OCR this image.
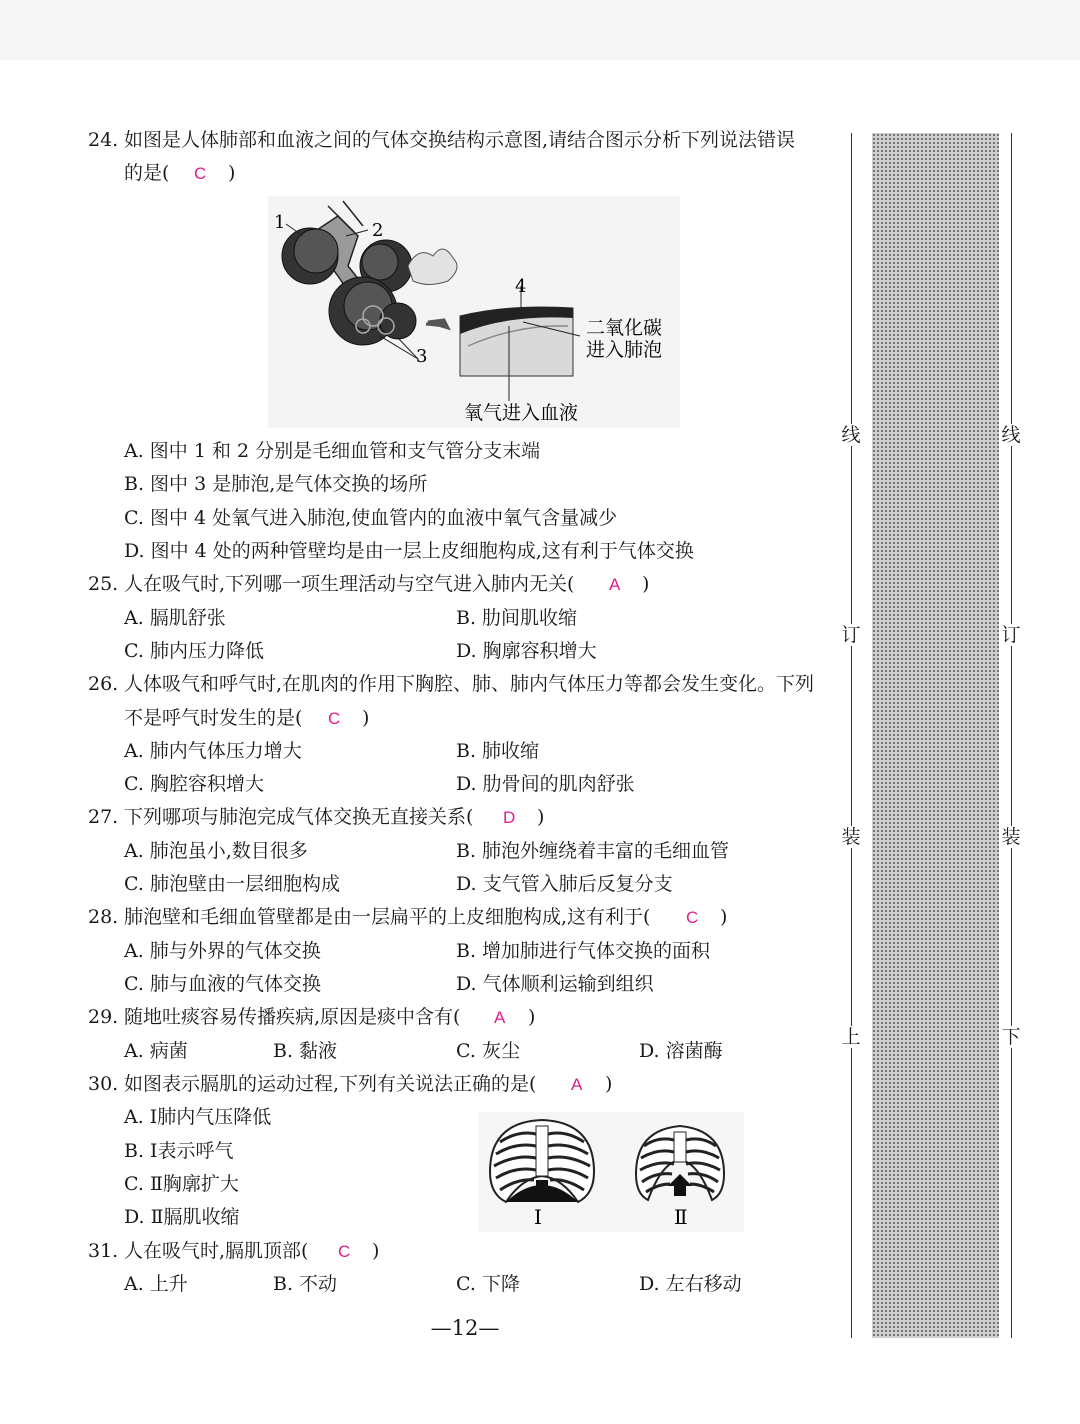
24. 如图是人体肺部和血液之间的气体交换结构示意图,请结合图示分析下列说法错误
的是( C )
1	2
3
4
二氧化碳
进入肺泡
氧气进入血液
A. 图中 1 和 2 分别是毛细血管和支气管分支末端
B. 图中 3 是肺泡,是气体交换的场所
C. 图中 4 处氧气进入肺泡,使血管内的血液中氧气含量减少
D. 图中 4 处的两种管壁均是由一层上皮细胞构成,这有利于气体交换
25. 人在吸气时,下列哪一项生理活动与空气进入肺内无关( A )
A. 膈肌舒张	B. 肋间肌收缩
C. 肺内压力降低	D. 胸廓容积增大
26. 人体吸气和呼气时,在肌肉的作用下胸腔、肺、肺内气体压力等都会发生变化。下列
不是呼气时发生的是( C )
A. 肺内气体压力增大	B. 肺收缩
C. 胸腔容积增大	D. 肋骨间的肌肉舒张
27. 下列哪项与肺泡完成气体交换无直接关系( D )
A. 肺泡虽小,数目很多	B. 肺泡外缠绕着丰富的毛细血管
C. 肺泡壁由一层细胞构成	D. 支气管入肺后反复分支
28. 肺泡壁和毛细血管壁都是由一层扁平的上皮细胞构成,这有利于( C )
A. 肺与外界的气体交换	B. 增加肺进行气体交换的面积
C. 肺与血液的气体交换	D. 气体顺利运输到组织
29. 随地吐痰容易传播疾病,原因是痰中含有( A )
A. 病菌	B. 黏液	C. 灰尘	D. 溶菌酶
30. 如图表示膈肌的运动过程,下列有关说法正确的是( A )
A. Ⅰ肺内气压降低
B. Ⅰ表示呼气
C. Ⅱ胸廓扩大
D. Ⅱ膈肌收缩	Ⅰ	Ⅱ
31. 人在吸气时,膈肌顶部( C )
A. 上升	B. 不动	C. 下降	D. 左右移动
—12—
线
订
装
上
线
订
装
下
